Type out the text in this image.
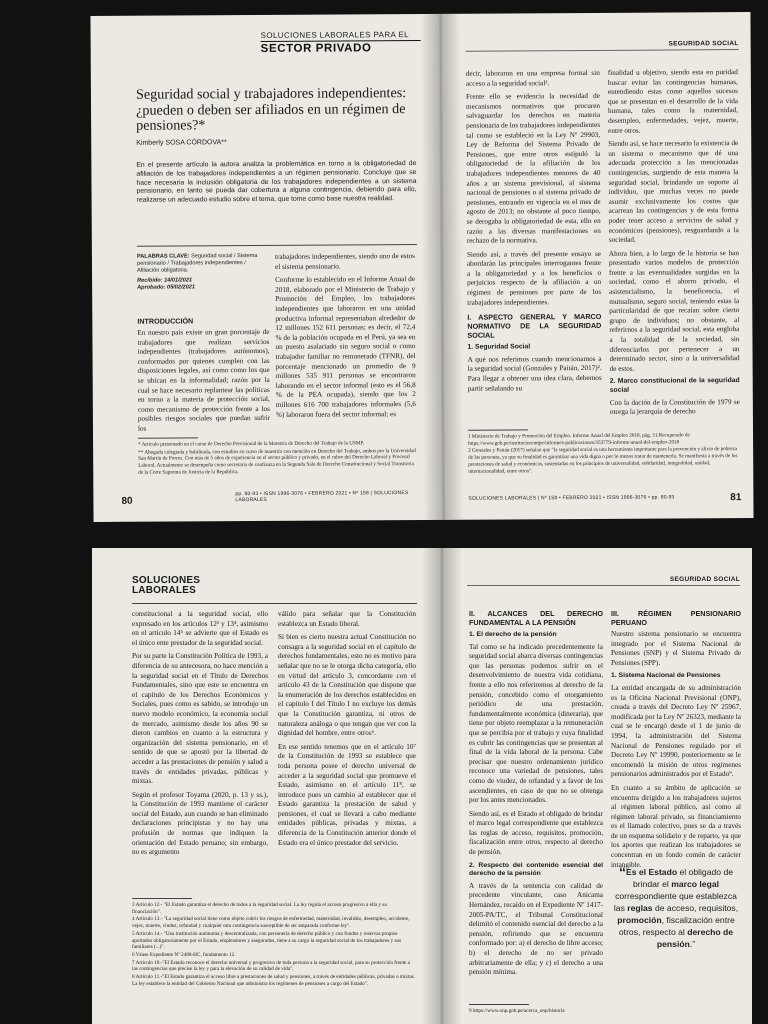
SOLUCIONES LABORALES PARA EL
SECTOR PRIVADO
Seguridad social y trabajadores independientes: ¿pueden o deben ser afiliados en un régimen de pensiones?*
Kimberly SOSA CÓRDOVA**
En el presente artículo la autora analiza la problemática en torno a la obligatoriedad de afiliación de los trabajadores independientes a un régimen pensionario. Concluye que se hace necesaria la inclusión obligatoria de los trabajadores independientes a un sistema pensionario, en tanto se pueda dar cobertura a alguna contingencia, debiendo para ello, realizarse un adecuado estudio sobre el tema, que tome como base nuestra realidad.
PALABRAS CLAVE: Seguridad social / Sistema pensionario / Trabajadores independientes / Afiliación obligatoria.
Recibido: 14/01/2021
Aprobado: 05/02/2021
INTRODUCCIÓN

En nuestro país existe un gran porcentaje de trabajadores que realizan servicios independientes (trabajadores autónomos), conformados por quienes cumplen con las disposiciones legales, así como como los que se ubican en la informalidad; razón por la cual se hace necesario replantear las políticas en torno a la materia de protección social, como mecanismo de protección frente a los posibles riesgos sociales que puedan sufrir los

trabajadores independientes, siendo uno de estos el sistema pensionario.

Conforme lo establecido en el Informe Anual de 2018, elaborado por el Ministerio de Trabajo y Promoción del Empleo, los trabajadores independientes que laboraron en una unidad productiva informal representaban alrededor de 12 millones 152 611 personas; es decir, el 72,4 % de la población ocupada en el Perú, ya sea en un puesto asalariado sin seguro social o como trabajador familiar no remunerado (TFNR), del porcentaje mencionado un promedio de 9 millones 535 911 personas se encontraron laborando en el sector informal (esto es el 56,8 % de la PEA ocupada), siendo que los 2 millones 616 700 trabajadores informales (5,6 %) laboraron fuera del sector informal; es

* Artículo presentado en el curso de Derecho Previsional de la Maestría de Derecho del Trabajo de la USMP.
** Abogada colegiada y habilitada, con estudios en curso de maestría con mención en Derecho del Trabajo, ambos por la Universidad San Martín de Porres. Con más de 5 años de experiencia en el sector público y privado, en el rubro del Derecho Laboral y Procesal Laboral. Actualmente se desempeña como secretaria de confianza en la Segunda Sala de Derecho Constitucional y Social Transitoria de la Corte Suprema de Justicia de la República.
80
pp. 80-93 • ISSN 1996-3076 • FEBRERO 2021 • Nº 158 | SOLUCIONES LABORALES
SEGURIDAD SOCIAL

decir, laboraron en una empresa formal sin acceso a la seguridad social¹.

Frente ello se evidencia la necesidad de mecanismos normativos que procuren salvaguardar los derechos en materia pensionaria de los trabajadores independientes tal como se estableció en la Ley Nº 29903, Ley de Reforma del Sistema Privado de Pensiones, que entre otros estipuló la obligatoriedad de la afiliación de los trabajadores independientes menores de 40 años a un sistema previsional, al sistema nacional de pensiones o al sistema privado de pensiones, entrando en vigencia en el mes de agosto de 2013; no obstante al poco tiempo, se derogaba la obligatoriedad de esta, ello en razón a las diversas manifestaciones en rechazo de la normativa.

Siendo así, a través del presente ensayo se abordarán las principales interrogantes frente a la obligatoriedad y a los beneficios o perjuicios respecto de la afiliación a un régimen de pensiones por parte de los trabajadores independientes.

I. ASPECTO GENERAL Y MARCO NORMATIVO DE LA SEGURIDAD SOCIAL
1. Seguridad Social

A qué nos referimos cuando mencionamos a la seguridad social (Gonzales y Paitán, 2017)². Para llegar a obtener una idea clara, debemos partir señalando su

finalidad u objetivo, siendo esta en puridad buscar evitar las contingencias humanas, entendiendo estas como aquellos sucesos que se presentan en el desarrollo de la vida humana, tales como la maternidad, desempleo, enfermedades, vejez, muerte, entre otros.

Siendo así, se hace necesario la existencia de un sistema o mecanismo que dé una adecuada protección a las mencionadas contingencias, surgiendo de esta manera la seguridad social, brindando un soporte al individuo, que muchas veces no puede asumir exclusivamente los costos que acarrean las contingencias y de esta forma poder tener acceso a servicios de salud y económicos (pensiones), resguardando a la sociedad.

Ahora bien, a lo largo de la historia se han presentado varios modelos de protección frente a las eventualidades surgidas en la sociedad, como el ahorro privado, el asistencialismo, la beneficencia, el mutualismo, seguro social, teniendo estas la particularidad de que recaían sobre cierto grupo de individuos; no obstante, al referirnos a la seguridad social, esta engloba a la totalidad de la sociedad, sin diferenciarlos por pertenecer a un determinado sector, sino a la universalidad de estos.

2. Marco constitucional de la seguridad social

Con la dación de la Constitución de 1979 se otorga la jerarquía de derecho

1 Ministerio de Trabajo y Promoción del Empleo. Informe Anual del Empleo 2018, pág. 31.Recuperado de https://www.gob.pe/institucion/mtpe/informes-publicaciones/353779-informe-anual-del-empleo-2018
2 Gonzales y Paitán (2017) señalan que "la seguridad social es una herramienta importante para la prevención y alivio de pobreza de las personas, ya que su finalidad es garantizar una vida digna o por lo menos tratar de mantenerla. Se manifiesta a través de los prestaciones de salud y económicas, sustentadas en los principios de universalidad, solidaridad, integralidad, unidad, internacionalidad, entre otros".
SOLUCIONES LABORALES | Nº 158 • FEBRERO 2021 • ISSN 1996-3076 • pp. 80-93	81
SOLUCIONES
LABORALES

constitucional a la seguridad social, ello expresado en los artículos 12³ y 13⁴, asimismo en el artículo 14⁵ se advierte que el Estado es el único ente prestador de la seguridad social.

Por su parte la Constitución Política de 1993, a diferencia de su antecesora, no hace mención a la seguridad social en el Título de Derechos Fundamentales, sino que este se encuentra en el capítulo de los Derechos Económicos y Sociales, pues como es sabido, se introdujo un nuevo modelo económico, la economía social de mercado, asimismo desde los años 90 se dieron cambios en cuanto a la estructura y organización del sistema pensionario, en el sentido de que se apostó por la libertad de acceder a las prestaciones de pensión y salud a través de entidades privadas, públicas y mixtas.

Según el profesor Toyama (2020, p. 13 y ss.), la Constitución de 1993 mantiene el carácter social del Estado, aun cuando se han eliminado declaraciones principistas y no hay una profusión de normas que indiquen la orientación del Estado peruano; sin embargo, no es argumento

válido para señalar que la Constitución establezca un Estado liberal.

Si bien es cierto nuestra actual Constitución no consagra a la seguridad social en el capítulo de derechos fundamentales, esto no es motivo para señalar que no se le otorga dicha categoría, ello en virtud del artículo 3, concordante con el artículo 43 de la Constitución que dispone que la enumeración de los derechos establecidos en el capítulo I del Título I no excluye los demás que la Constitución garantiza, ni otros de naturaleza análoga o que tengan que ver con la dignidad del hombre, entre otros⁶.

En ese sentido tenemos que en el artículo 10⁷ de la Constitución de 1993 se establece que toda persona posee el derecho universal de acceder a la seguridad social que promueve el Estado, asimismo en el artículo 11⁸, se introduce pues un cambio al establecer que el Estado garantiza la prestación de salud y pensiones, el cual se llevará a cabo mediante entidades públicas, privadas y mixtas, a diferencia de la Constitución anterior donde el Estado era el único prestador del servicio.

3 Artículo 12.- "El Estado garantiza el derecho de todos a la seguridad social. La ley regula el acceso progresivo a ella y su financiación".
4 Artículo 13.- "La seguridad social tiene como objeto cubrir los riesgos de enfermedad, maternidad, invalidez, desempleo, accidente, vejez, muerte, viudez, orfandad y cualquier otra contingencia susceptible de ser amparada conforme ley".
5 Artículo 14.- "Una institución autónoma y descentralizada, con personería de derecho público y con fondos y reservas propios aportados obligatoriamente por el Estado, empleadores y asegurados, tiene a su cargo la seguridad social de los trabajadores y sus familiares (...)".
6 Véase Expediente Nº 2488-HC, fundamento 12.
7 Artículo 10.-"El Estado reconoce el derecho universal y progresivo de toda persona a la seguridad social, para su protección frente a las contingencias que precise la ley y para la elevación de su calidad de vida".
8 Artículo 11.-"El Estado garantiza el acceso libre a prestaciones de salud y pensiones, a través de entidades públicas, privadas o mixtas. La ley establece la entidad del Gobierno Nacional que administra los regímenes de pensiones a cargo del Estado".
SEGURIDAD SOCIAL
II. ALCANCES DEL DERECHO FUNDAMENTAL A LA PENSIÓN
1. El derecho de la pensión

Tal como se ha indicado precedentemente la seguridad social abarca diversas contingencias que las personas podemos sufrir en el desenvolvimiento de nuestra vida cotidiana, frente a ello nos referiremos al derecho de la pensión, concebido como el otorgamiento periódico de una prestación, fundamentalmente económica (dineraria), que tiene por objeto reemplazar a la remuneración que se percibía por el trabajo y cuya finalidad es cubrir las contingencias que se presentan al final de la vida laboral de la persona. Cabe precisar que nuestro ordenamiento jurídico reconoce una variedad de pensiones, tales como de viudez, de orfandad y a favor de los ascendientes, en caso de que no se obtenga por los antes mencionados.

Siendo así, es el Estado el obligado de brindar el marco legal correspondiente que establezca las reglas de acceso, requisitos, promoción, fiscalización entre otros, respecto al derecho de pensión.

2. Respecto del contenido esencial del derecho de la pensión

A través de la sentencia con calidad de precedente vinculante, caso Anicama Hernández, recaído en el Expediente Nº 1417-2005-PA/TC, el Tribunal Constitucional delimitó el contenido esencial del derecho a la pensión, refiriendo que se encuentra conformado por: a) el derecho de libre acceso; b) el derecho de no ser privado arbitrariamente de ella; y c) el derecho a una pensión mínima.

III. RÉGIMEN PENSIONARIO PERUANO

Nuestro sistema pensionario se encuentra integrado por el Sistema Nacional de Pensiones (SNP) y el Sistema Privado de Pensiones (SPP).

1. Sistema Nacional de Pensiones

La entidad encargada de su administración es la Oficina Nacional Previsional (ONP), creada a través del Decreto Ley Nº 25967, modificada por la Ley Nº 26323, mediante la cual se le encargó desde el 1 de junio de 1994, la administración del Sistema Nacional de Pensiones regulado por el Decreto Ley Nº 19990, posteriormente se le encomendó la misión de otros regímenes pensionarios administrados por el Estado⁹.

En cuanto a su ámbito de aplicación se encuentra dirigido a los trabajadores sujetos al régimen laboral público, así como al régimen laboral privado, su financiamiento es el llamado colectivo, pues se da a través de un esquema solidario y de reparto, ya que los aportes que realizan los trabajadores se concentran en un fondo común de carácter intangible.

“Es el Estado el obligado de brindar el marco legal correspondiente que establezca las reglas de acceso, requisitos, promoción, fiscalización entre otros, respecto al derecho de pensión.”
9 https://www.onp.gob.pe/acerca_onp/historia
